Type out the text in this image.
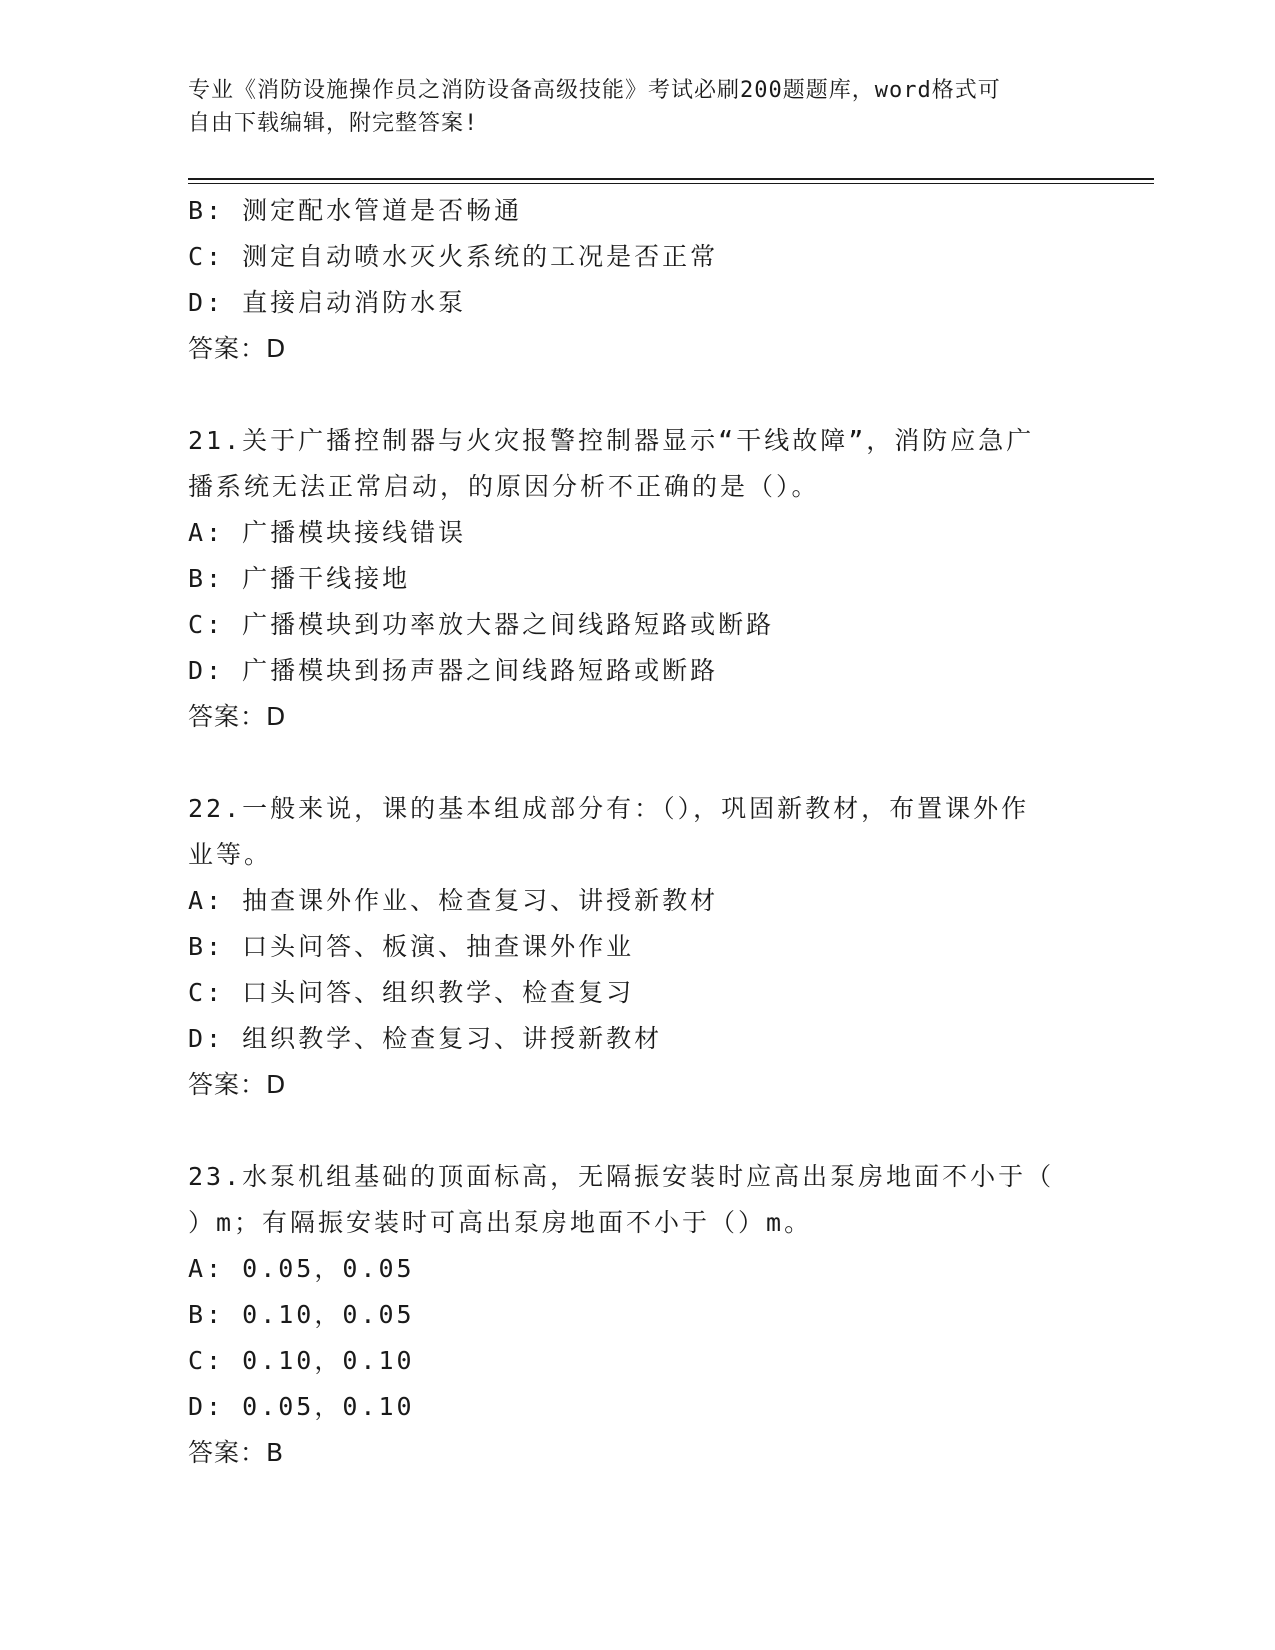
专业《消防设施操作员之消防设备高级技能》考试必刷200题题库，word格式可
自由下载编辑，附完整答案!
B: 测定配水管道是否畅通
C: 测定自动喷水灭火系统的工况是否正常
D: 直接启动消防水泵
答案：D
21.关于广播控制器与火灾报警控制器显示“干线故障”，消防应急广
播系统无法正常启动，的原因分析不正确的是（）。
A: 广播模块接线错误
B: 广播干线接地
C: 广播模块到功率放大器之间线路短路或断路
D: 广播模块到扬声器之间线路短路或断路
答案：D
22.一般来说，课的基本组成部分有：（），巩固新教材，布置课外作
业等。
A: 抽查课外作业、检查复习、讲授新教材
B: 口头问答、板演、抽查课外作业
C: 口头问答、组织教学、检查复习
D: 组织教学、检查复习、讲授新教材
答案：D
23.水泵机组基础的顶面标高，无隔振安装时应高出泵房地面不小于（
）m；有隔振安装时可高出泵房地面不小于（）m。
A: 0.05，0.05
B: 0.10，0.05
C: 0.10，0.10
D: 0.05，0.10
答案：B
